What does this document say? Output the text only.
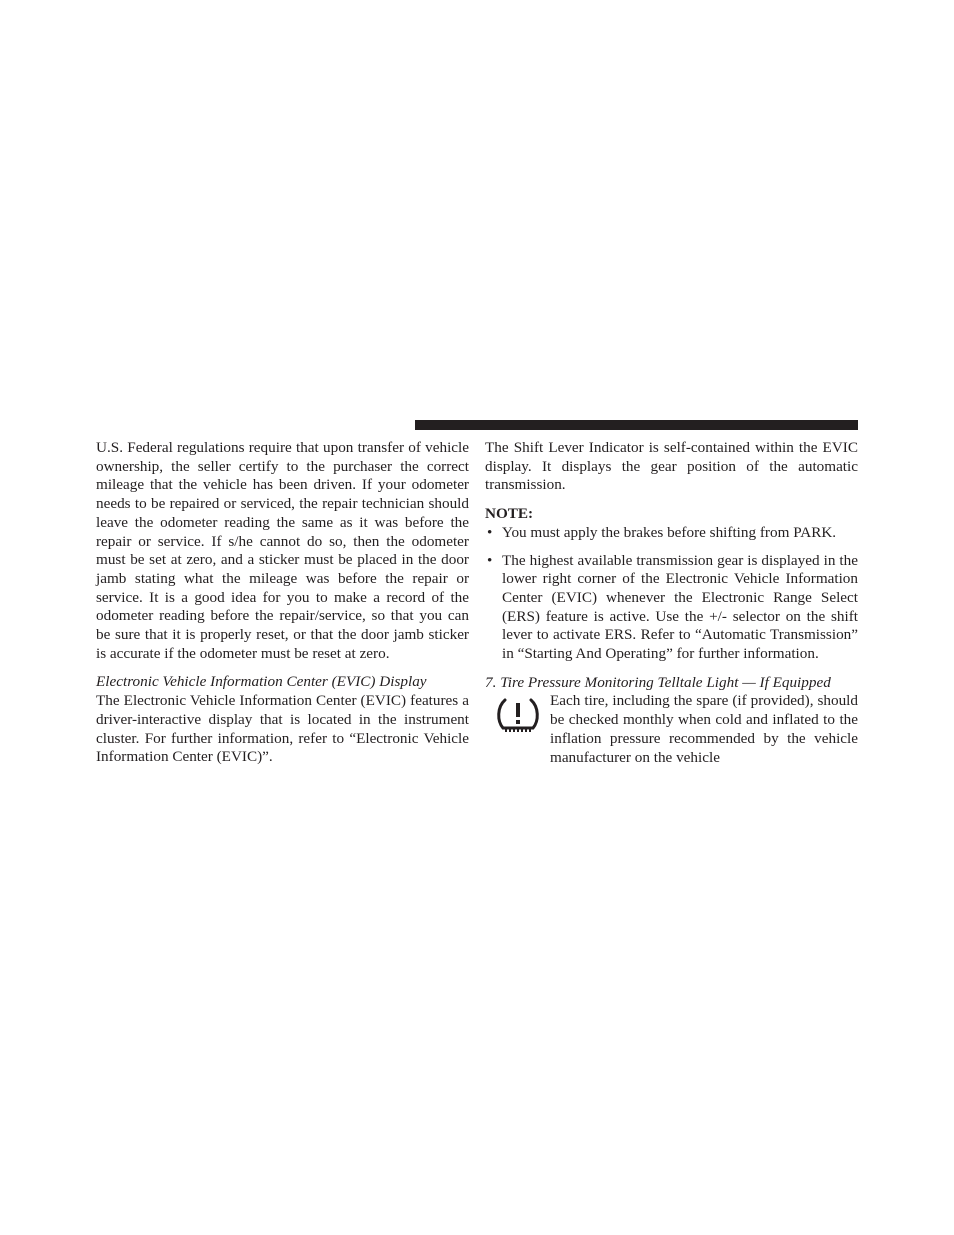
U.S. Federal regulations require that upon transfer of vehicle ownership, the seller certify to the purchaser the correct mileage that the vehicle has been driven. If your odometer needs to be repaired or serviced, the repair technician should leave the odometer reading the same as it was before the repair or service. If s/he cannot do so, then the odometer must be set at zero, and a sticker must be placed in the door jamb stating what the mileage was before the repair or service. It is a good idea for you to make a record of the odometer reading before the repair/service, so that you can be sure that it is properly reset, or that the door jamb sticker is accurate if the odometer must be reset at zero.

Electronic Vehicle Information Center (EVIC) Display

The Electronic Vehicle Information Center (EVIC) features a driver-interactive display that is located in the instrument cluster. For further information, refer to “Electronic Vehicle Information Center (EVIC)”.

The Shift Lever Indicator is self-contained within the EVIC display. It displays the gear position of the automatic transmission.

NOTE:

• You must apply the brakes before shifting from PARK.
• The highest available transmission gear is displayed in the lower right corner of the Electronic Vehicle Information Center (EVIC) whenever the Electronic Range Select (ERS) feature is active. Use the +/- selector on the shift lever to activate ERS. Refer to “Automatic Transmission” in “Starting And Operating” for further information.

7. Tire Pressure Monitoring Telltale Light — If Equipped

Each tire, including the spare (if provided), should be checked monthly when cold and inflated to the inflation pressure recommended by the vehicle manufacturer on the vehicle
